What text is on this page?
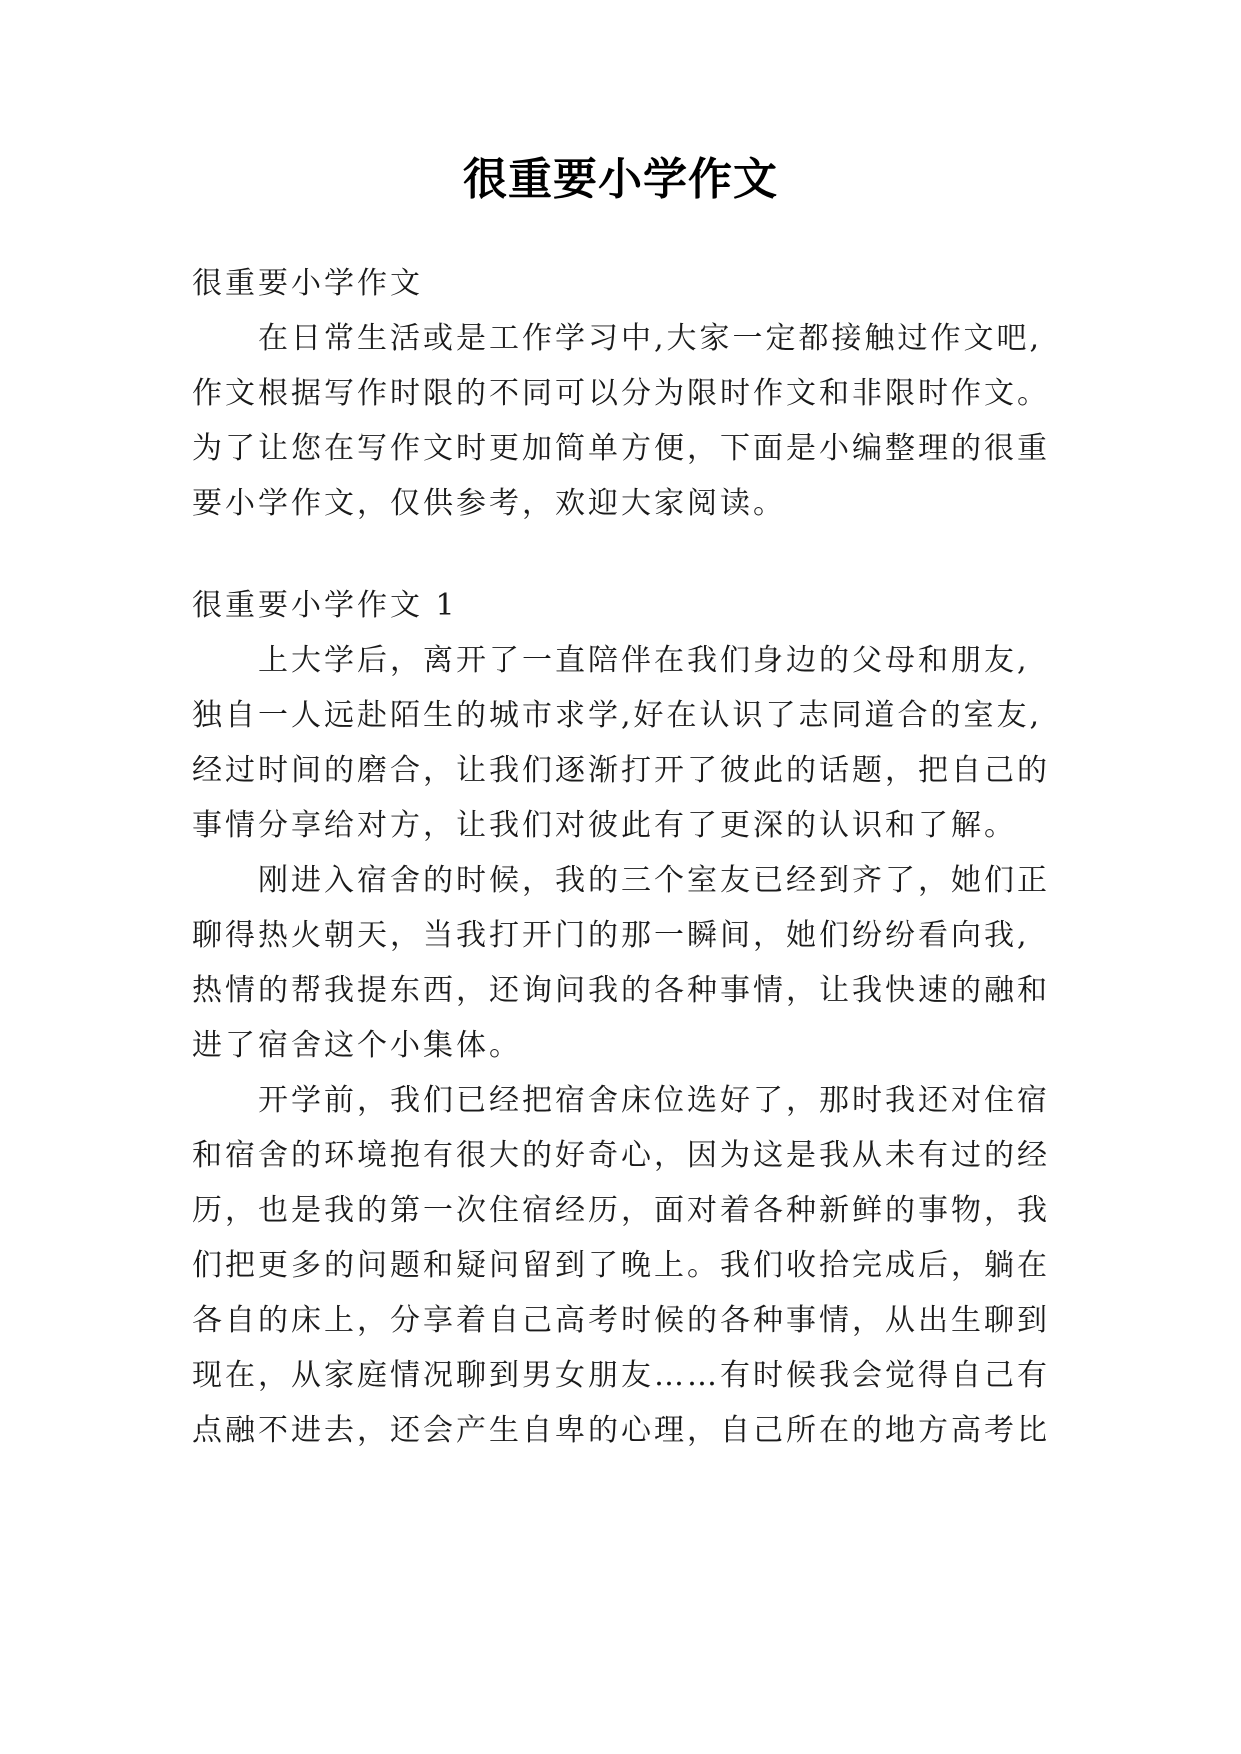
很重要小学作文
很重要小学作文
在日常生活或是工作学习中,大家一定都接触过作文吧,
作文根据写作时限的不同可以分为限时作文和非限时作文。
为了让您在写作文时更加简单方便，下面是小编整理的很重
要小学作文，仅供参考，欢迎大家阅读。
很重要小学作文 1
上大学后，离开了一直陪伴在我们身边的父母和朋友,
独自一人远赴陌生的城市求学,好在认识了志同道合的室友,
经过时间的磨合，让我们逐渐打开了彼此的话题，把自己的
事情分享给对方，让我们对彼此有了更深的认识和了解。
刚进入宿舍的时候，我的三个室友已经到齐了，她们正
聊得热火朝天，当我打开门的那一瞬间，她们纷纷看向我,
热情的帮我提东西，还询问我的各种事情，让我快速的融和
进了宿舍这个小集体。
开学前，我们已经把宿舍床位选好了，那时我还对住宿
和宿舍的环境抱有很大的好奇心，因为这是我从未有过的经
历，也是我的第一次住宿经历，面对着各种新鲜的事物，我
们把更多的问题和疑问留到了晚上。我们收拾完成后，躺在
各自的床上，分享着自己高考时候的各种事情，从出生聊到
现在，从家庭情况聊到男女朋友……有时候我会觉得自己有
点融不进去，还会产生自卑的心理，自己所在的地方高考比
